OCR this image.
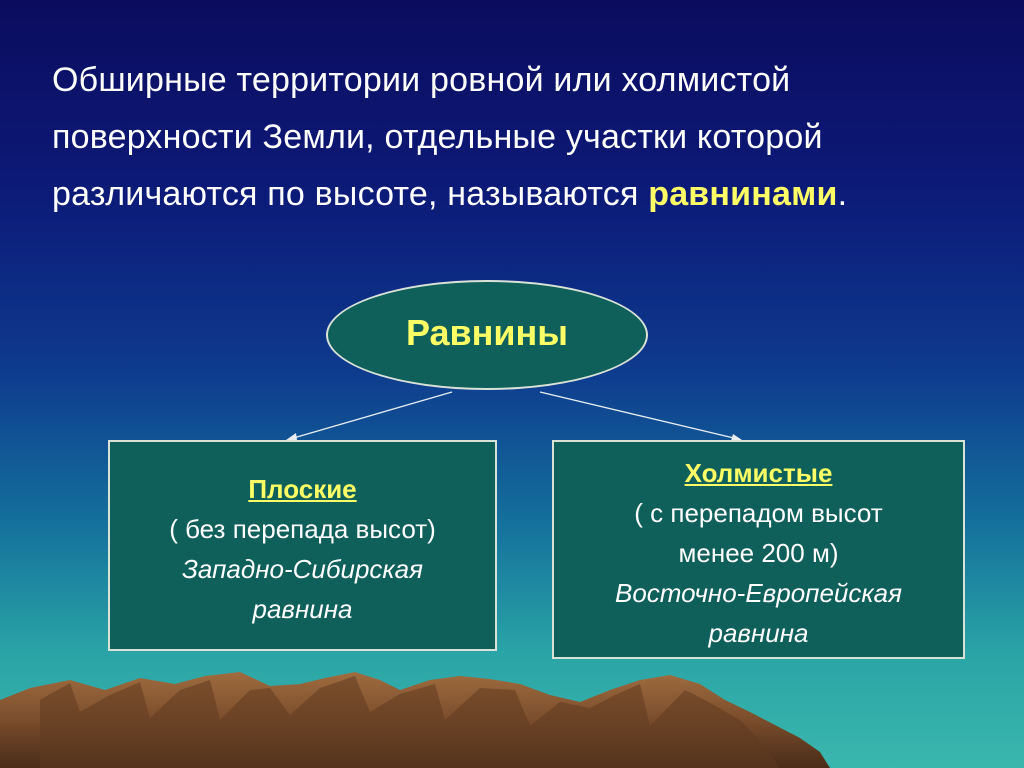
Обширные территории ровной или холмистой поверхности Земли, отдельные участки которой различаются по высоте, называются равнинами.

Равнины
Плоские
( без перепада высот)
Западно-Сибирская равнина
Холмистые
( с перепадом высот менее 200 м)
Восточно-Европейская равнина
